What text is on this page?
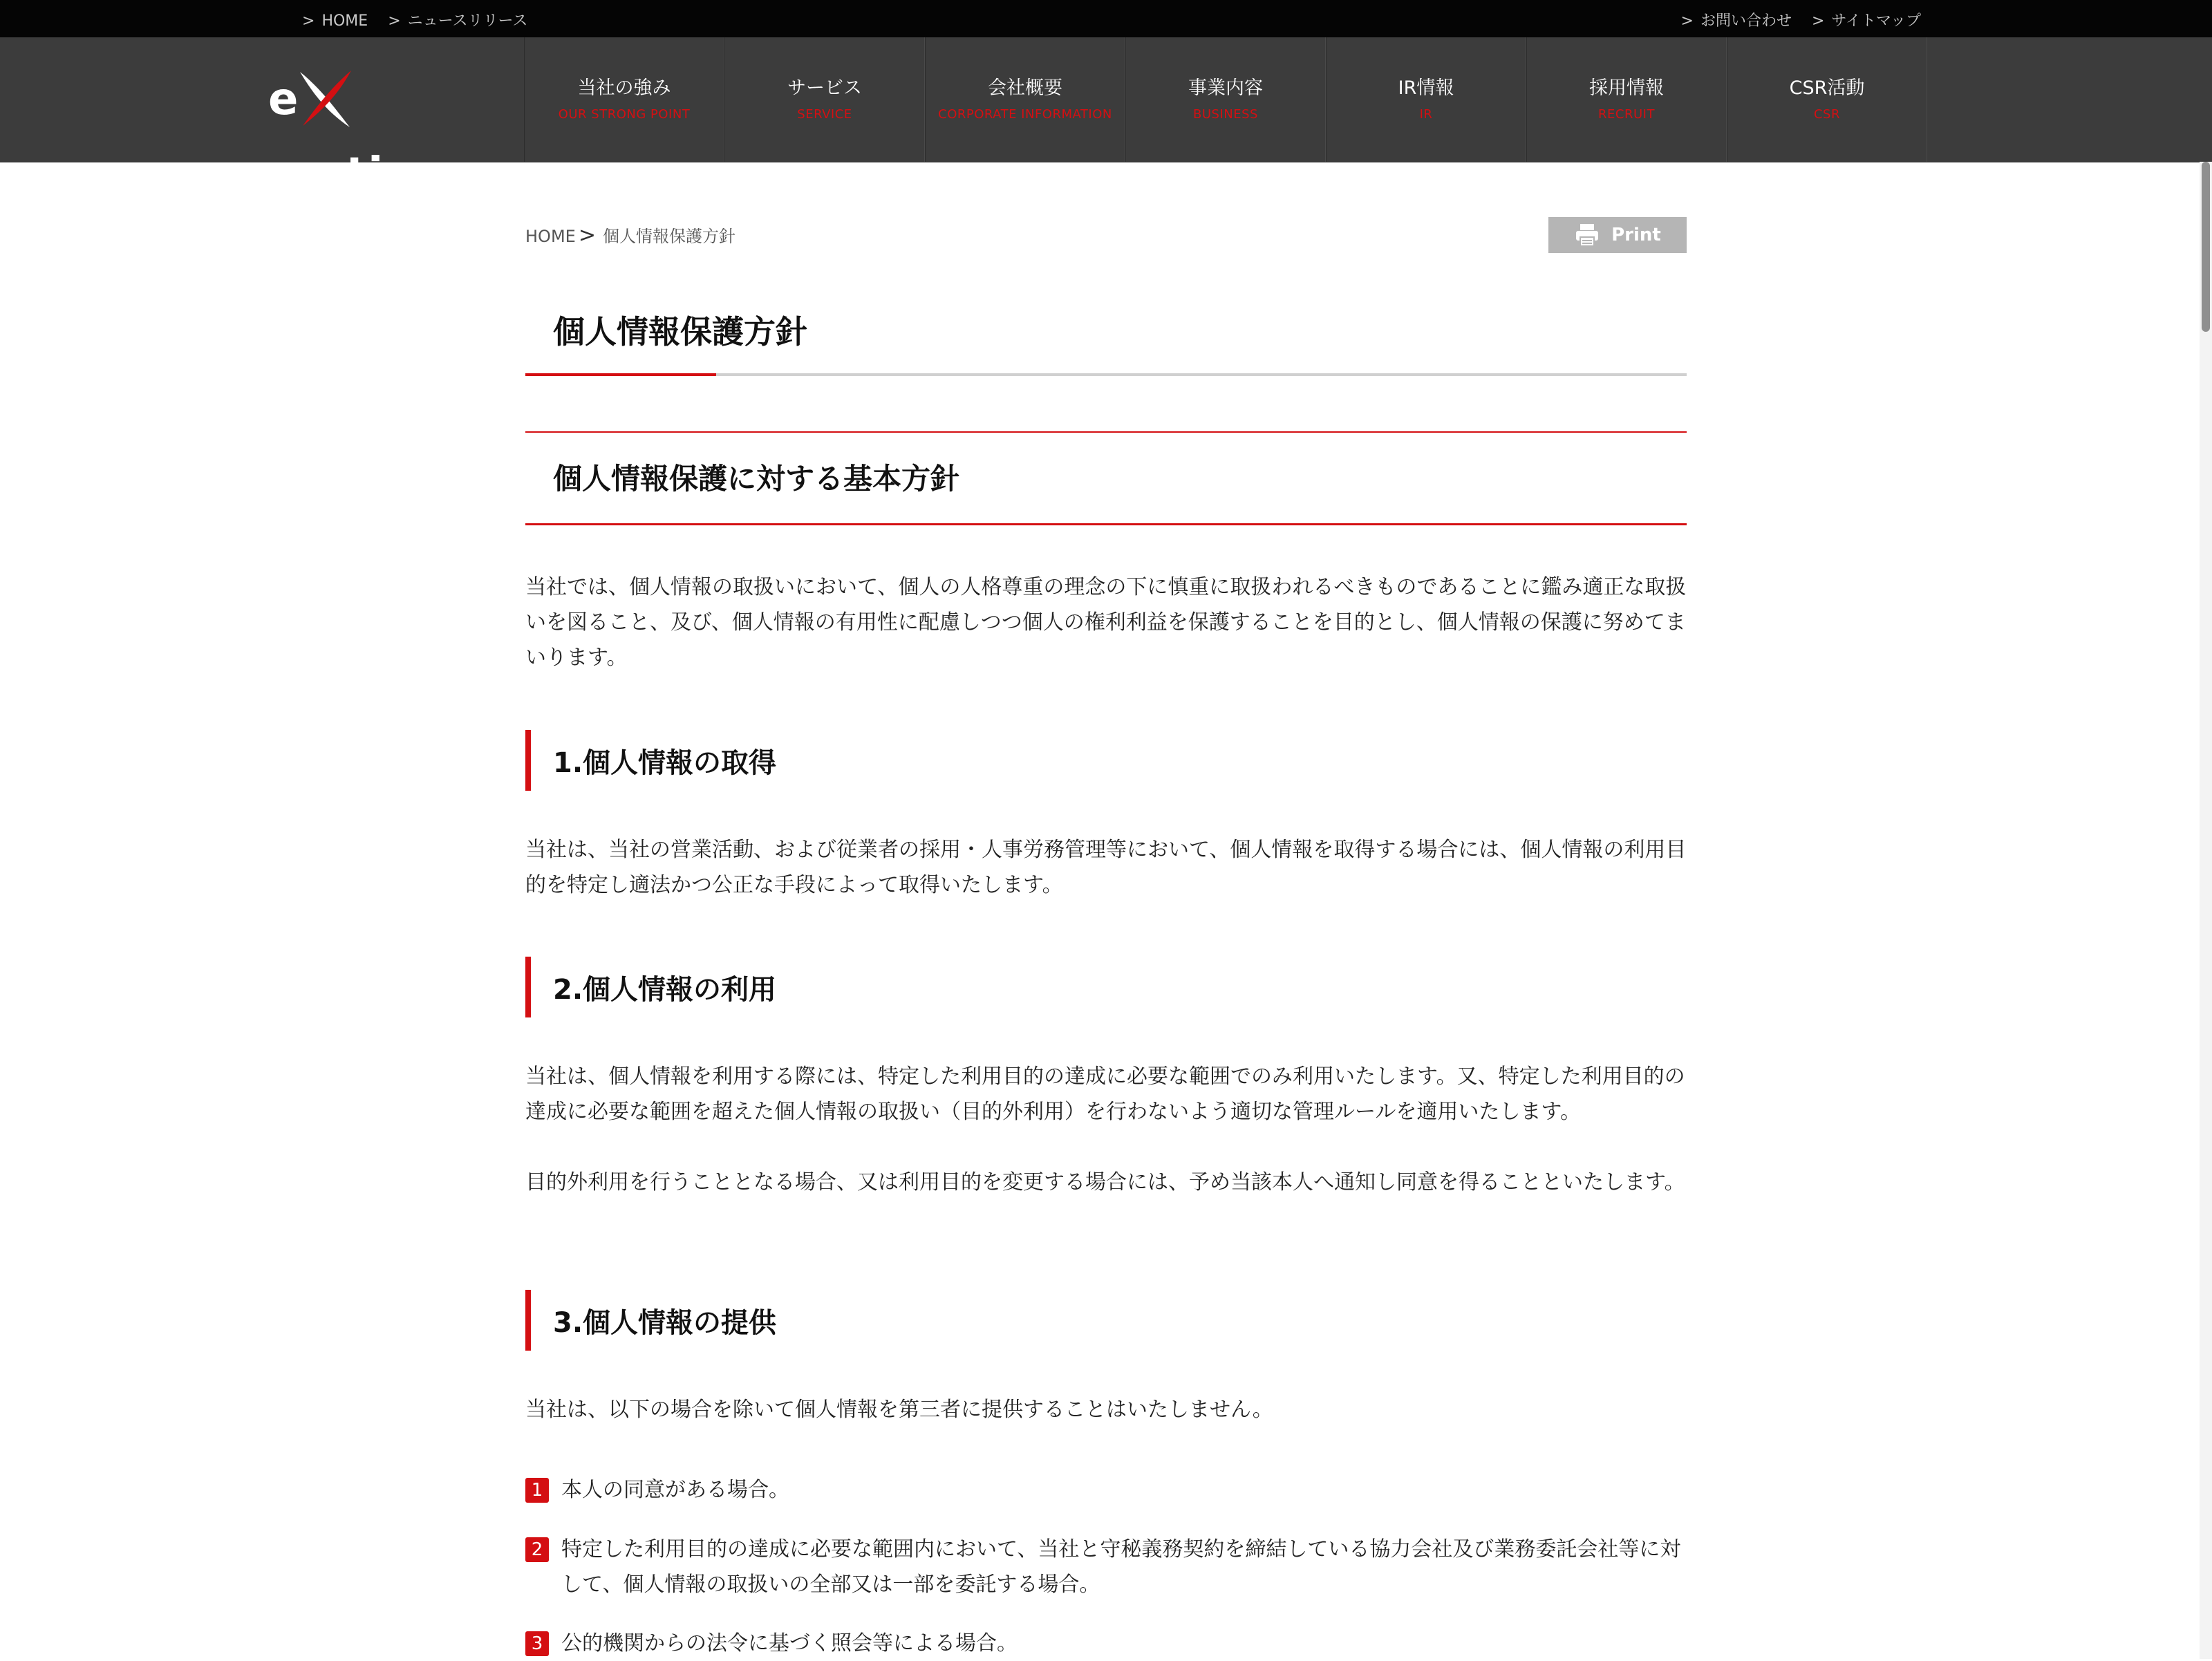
> HOME > ニュースリリース	> お問い合わせ > サイトマップ
emotion
当社の強み
OUR STRONG POINT
サービス
SERVICE
会社概要
CORPORATE INFORMATION
事業内容
BUSINESS
IR情報
IR
採用情報
RECRUIT
CSR活動
CSR
HOME > 個人情報保護方針	Print
個人情報保護方針
個人情報保護に対する基本方針

当社では、個人情報の取扱いにおいて、個人の人格尊重の理念の下に慎重に取扱われるべきものであることに鑑み適正な取扱いを図ること、及び、個人情報の有用性に配慮しつつ個人の権利利益を保護することを目的とし、個人情報の保護に努めてまいります。

1.個人情報の取得

当社は、当社の営業活動、および従業者の採用・人事労務管理等において、個人情報を取得する場合には、個人情報の利用目的を特定し適法かつ公正な手段によって取得いたします。

2.個人情報の利用

当社は、個人情報を利用する際には、特定した利用目的の達成に必要な範囲でのみ利用いたします。又、特定した利用目的の達成に必要な範囲を超えた個人情報の取扱い（目的外利用）を行わないよう適切な管理ルールを適用いたします。

目的外利用を行うこととなる場合、又は利用目的を変更する場合には、予め当該本人へ通知し同意を得ることといたします。

3.個人情報の提供

当社は、以下の場合を除いて個人情報を第三者に提供することはいたしません。

1 本人の同意がある場合。

2 特定した利用目的の達成に必要な範囲内において、当社と守秘義務契約を締結している協力会社及び業務委託会社等に対して、個人情報の取扱いの全部又は一部を委託する場合。

3 公的機関からの法令に基づく照会等による場合。
